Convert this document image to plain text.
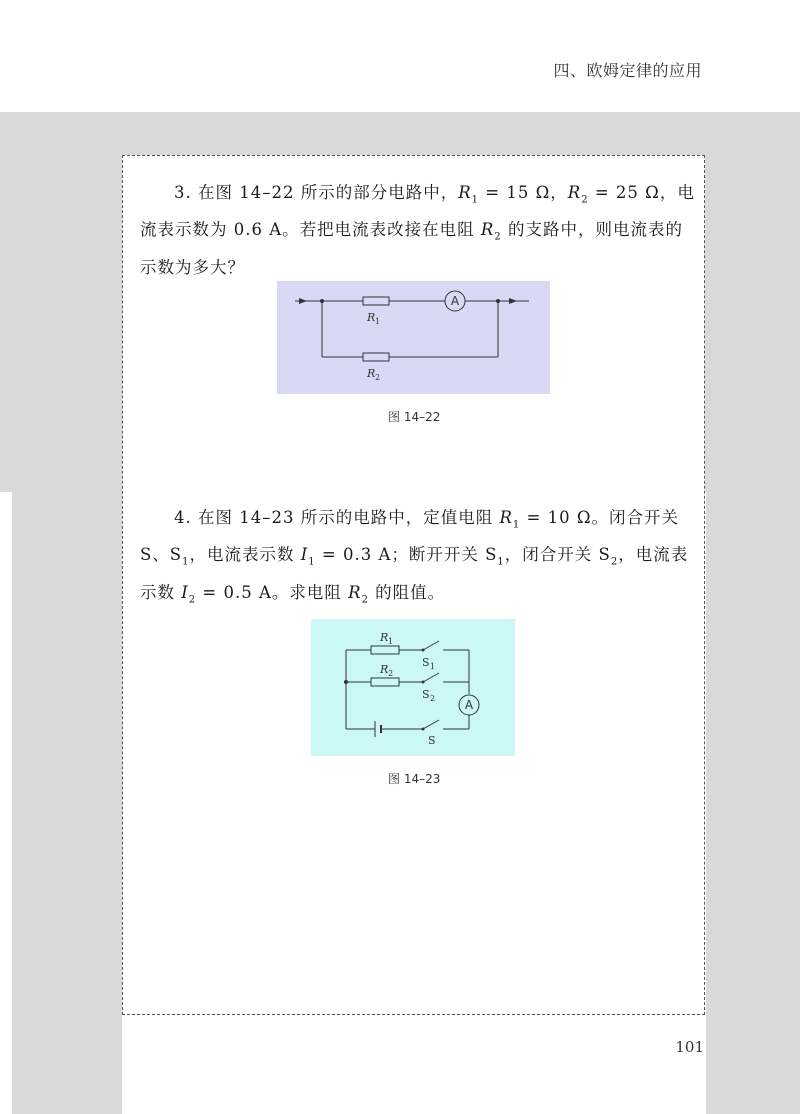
四、欧姆定律的应用
3. 在图 14–22 所示的部分电路中，$R_1 = 15$ Ω，$R_2 = 25$ Ω，电流表示数为 0.6 A。若把电流表改接在电阻 $R_2$ 的支路中，则电流表的示数为多大？
A
R 1
R 2
图 14–22
4. 在图 14–23 所示的电路中，定值电阻 $R_1 = 10$ Ω。闭合开关 S、$S_1$，电流表示数 $I_1 = 0.3$ A；断开开关 $S_1$，闭合开关 $S_2$，电流表示数 $I_2 = 0.5$ A。求电阻 $R_2$ 的阻值。
A
R 1
R 2
S 1
S 2
S
图 14–23
101
